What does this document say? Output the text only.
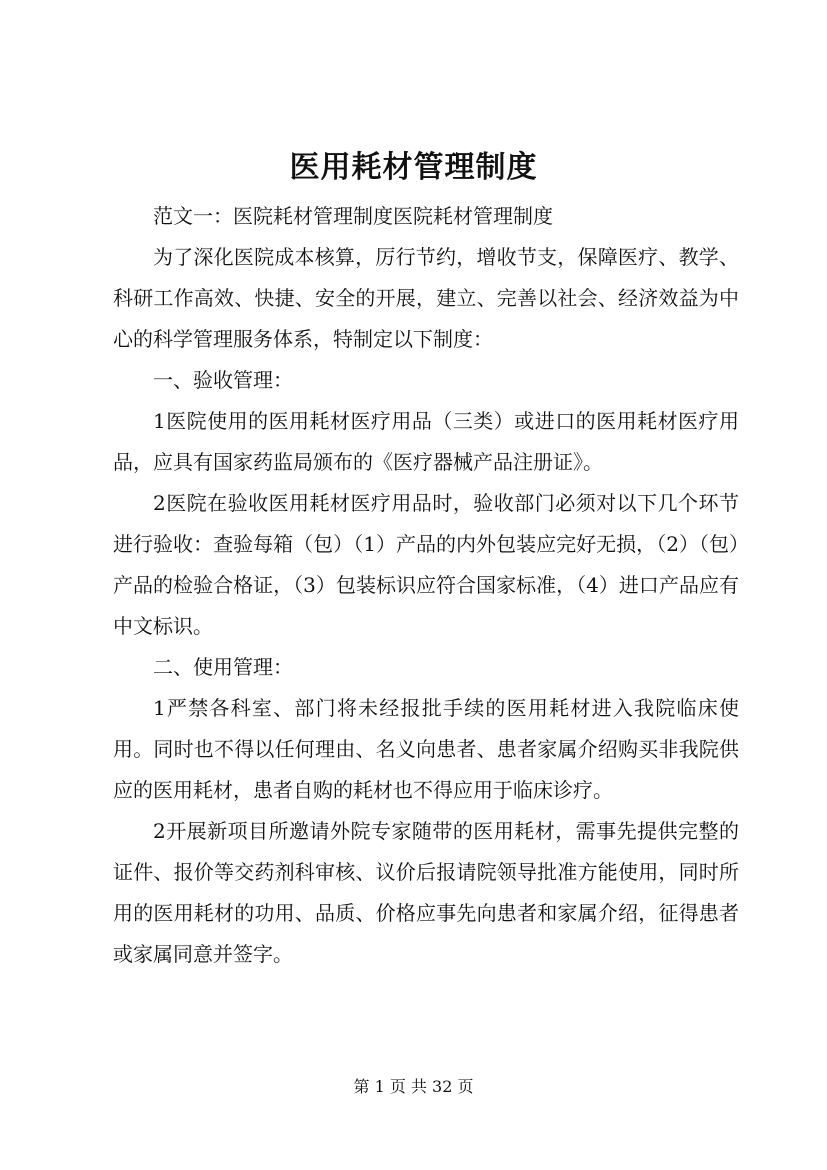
医用耗材管理制度

范文一：医院耗材管理制度医院耗材管理制度

为了深化医院成本核算，厉行节约，增收节支，保障医疗、教学、科研工作高效、快捷、安全的开展，建立、完善以社会、经济效益为中心的科学管理服务体系，特制定以下制度：

一、验收管理：

1医院使用的医用耗材医疗用品（三类）或进口的医用耗材医疗用品，应具有国家药监局颁布的《医疗器械产品注册证》。

2医院在验收医用耗材医疗用品时，验收部门必须对以下几个环节进行验收：查验每箱（包）（1）产品的内外包装应完好无损，（2）（包）产品的检验合格证，（3）包装标识应符合国家标准，（4）进口产品应有中文标识。

二、使用管理：

1严禁各科室、部门将未经报批手续的医用耗材进入我院临床使用。同时也不得以任何理由、名义向患者、患者家属介绍购买非我院供应的医用耗材，患者自购的耗材也不得应用于临床诊疗。

2开展新项目所邀请外院专家随带的医用耗材，需事先提供完整的证件、报价等交药剂科审核、议价后报请院领导批准方能使用，同时所用的医用耗材的功用、品质、价格应事先向患者和家属介绍，征得患者或家属同意并签字。

第 1 页 共 32 页
